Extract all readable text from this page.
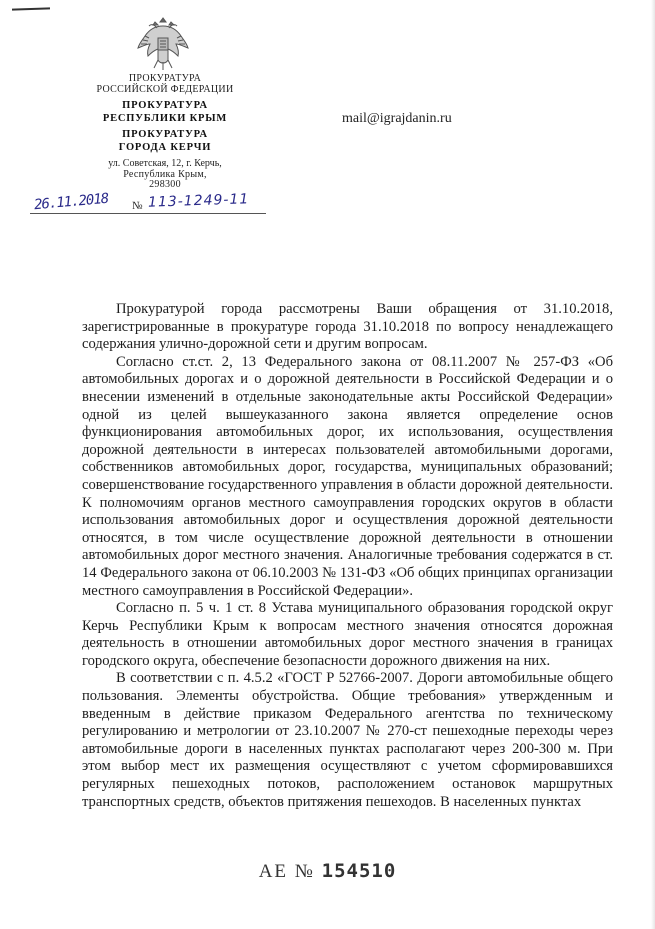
ПРОКУРАТУРА
РОССИЙСКОЙ ФЕДЕРАЦИИ
ПРОКУРАТУРА
РЕСПУБЛИКИ КРЫМ
ПРОКУРАТУРА
ГОРОДА КЕРЧИ
ул. Советская, 12, г. Керчь,
Республика Крым,
298300
mail@igrajdanin.ru
26.11.2018 № 113-1249-11

Прокуратурой города рассмотрены Ваши обращения от 31.10.2018, зарегистрированные в прокуратуре города 31.10.2018 по вопросу ненадлежащего содержания улично-дорожной сети и другим вопросам.

Согласно ст.ст. 2, 13 Федерального закона от 08.11.2007 № 257-ФЗ «Об автомобильных дорогах и о дорожной деятельности в Российской Федерации и о внесении изменений в отдельные законодательные акты Российской Федерации» одной из целей вышеуказанного закона является определение основ функционирования автомобильных дорог, их использования, осуществления дорожной деятельности в интересах пользователей автомобильными дорогами, собственников автомобильных дорог, государства, муниципальных образований; совершенствование государственного управления в области дорожной деятельности. К полномочиям органов местного самоуправления городских округов в области использования автомобильных дорог и осуществления дорожной деятельности относятся, в том числе осуществление дорожной деятельности в отношении автомобильных дорог местного значения. Аналогичные требования содержатся в ст. 14 Федерального закона от 06.10.2003 № 131-ФЗ «Об общих принципах организации местного самоуправления в Российской Федерации».

Согласно п. 5 ч. 1 ст. 8 Устава муниципального образования городской округ Керчь Республики Крым к вопросам местного значения относятся дорожная деятельность в отношении автомобильных дорог местного значения в границах городского округа, обеспечение безопасности дорожного движения на них.

В соответствии с п. 4.5.2 «ГОСТ Р 52766-2007. Дороги автомобильные общего пользования. Элементы обустройства. Общие требования» утвержденным и введенным в действие приказом Федерального агентства по техническому регулированию и метрологии от 23.10.2007 № 270-ст пешеходные переходы через автомобильные дороги в населенных пунктах располагают через 200-300 м. При этом выбор мест их размещения осуществляют с учетом сформировавшихся регулярных пешеходных потоков, расположением остановок маршрутных транспортных средств, объектов притяжения пешеходов. В населенных пунктах

АЕ № 154510
